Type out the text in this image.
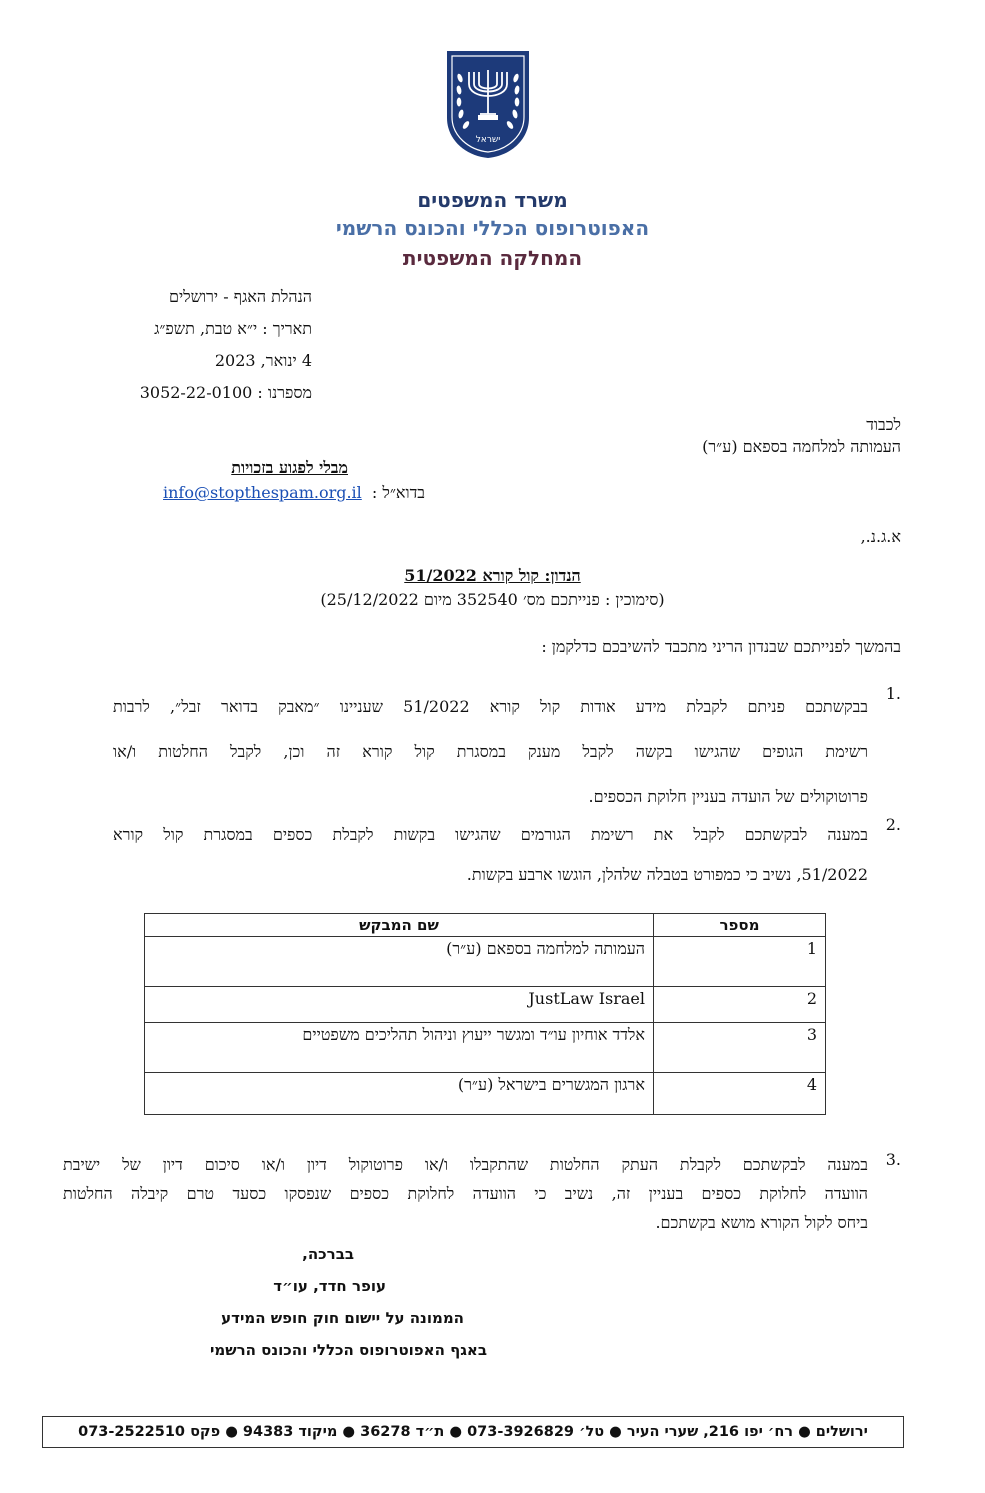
ישראל
משרד המשפטים
האפוטרופוס הכללי והכונס הרשמי
המחלקה המשפטית
הנהלת האגף - ירושלים
תאריך : י״א טבת, תשפ״ג
4 ינואר, 2023
מספרנו : 3052-22-0100
לכבוד
העמותה למלחמה בספאם (ע״ר)
מבלי לפגוע בזכויות
בדוא״ל :
info@stopthespam.org.il
א.ג.נ.,
הנדון: קול קורא 51/2022
(סימוכין : פנייתכם מס׳ 352540 מיום 25/12/2022)
בהמשך לפנייתכם שבנדון הריני מתכבד להשיבכם כדלקמן :
1.
בבקשתכם פניתם לקבלת מידע אודות קול קורא 51/2022 שעניינו ״מאבק בדואר זבל״, לרבות
רשימת הגופים שהגישו בקשה לקבל מענק במסגרת קול קורא זה וכן, לקבל החלטות ו/או
פרוטוקולים של הועדה בעניין חלוקת הכספים.
2.
במענה לבקשתכם לקבל את רשימת הגורמים שהגישו בקשות לקבלת כספים במסגרת קול קורא
51/2022, נשיב כי כמפורט בטבלה שלהלן, הוגשו ארבע בקשות.
מספר	שם המבקש
1	העמותה למלחמה בספאם (ע״ר)
2	JustLaw Israel
3	אלדד אוחיון עו״ד ומגשר ייעוץ וניהול תהליכים משפטיים
4	ארגון המגשרים בישראל (ע״ר)
3.
במענה לבקשתכם לקבלת העתק החלטות שהתקבלו ו/או פרוטוקול דיון ו/או סיכום דיון של ישיבת
הוועדה לחלוקת כספים בעניין זה, נשיב כי הוועדה לחלוקת כספים שנפסקו כסעד טרם קיבלה החלטות
ביחס לקול הקורא מושא בקשתכם.
בברכה,
עופר חדד, עו״ד
הממונה על יישום חוק חופש המידע
באגף האפוטרופוס הכללי והכונס הרשמי
ירושלים ● רח׳ יפו 216, שערי העיר ● טל׳ 073-3926829 ● ת״ד 36278 ● מיקוד 94383 ● פקס 073-2522510
